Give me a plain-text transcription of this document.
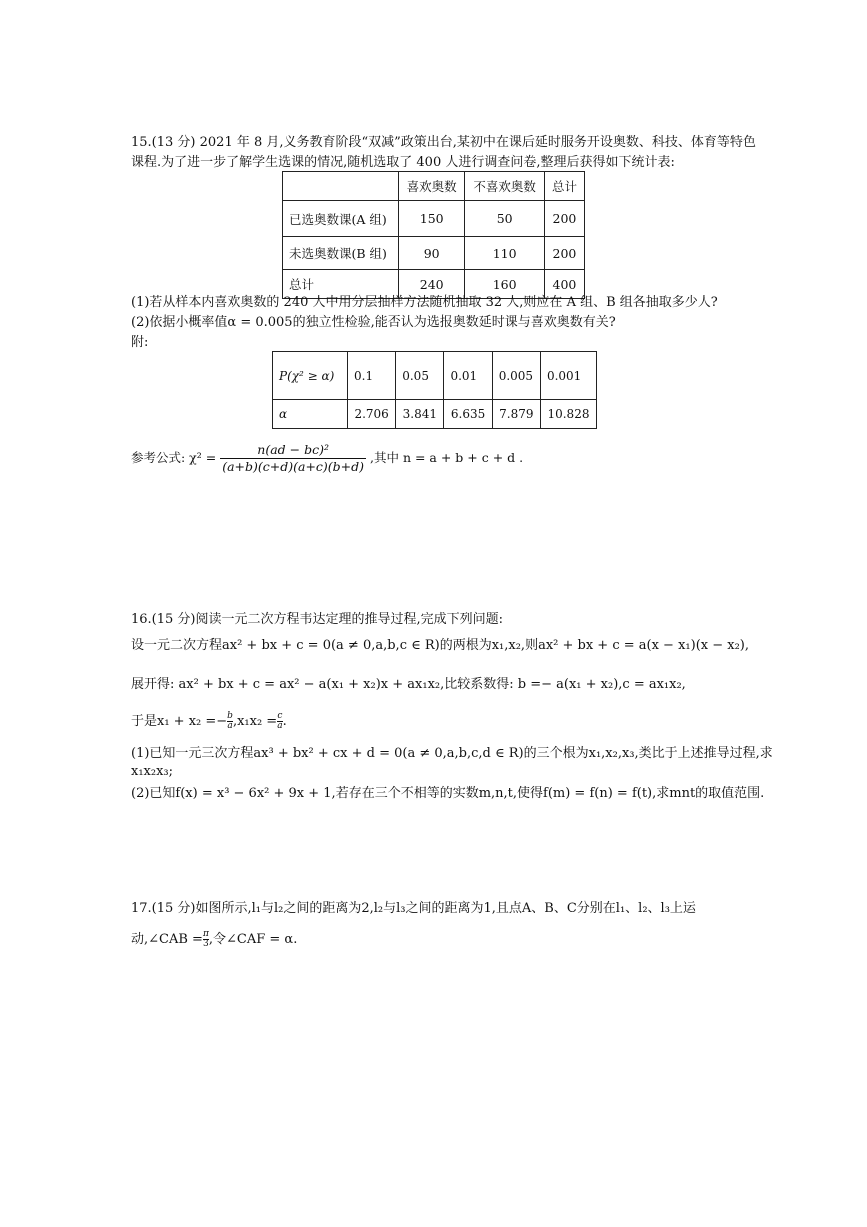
15.(13 分) 2021 年 8 月,义务教育阶段“双减”政策出台,某初中在课后延时服务开设奥数、科技、体育等特色
课程.为了进一步了解学生选课的情况,随机选取了 400 人进行调查问卷,整理后获得如下统计表:
	喜欢奥数	不喜欢奥数	总计
已选奥数课(A 组)	150	50	200
未选奥数课(B 组)	90	110	200
总计	240	160	400
(1)若从样本内喜欢奥数的 240 人中用分层抽样方法随机抽取 32 人,则应在 A 组、B 组各抽取多少人?
(2)依据小概率值α = 0.005的独立性检验,能否认为选报奥数延时课与喜欢奥数有关?
附:
P(χ² ≥ α)	0.1	0.05	0.01	0.005	0.001
α	2.706	3.841	6.635	7.879	10.828
参考公式: $\chi^2 = \frac{\text{n(ad − bc)²}}{(a+b)(c+d)(a+c)(b+d)}$ ,其中 n = a + b + c + d .
16.(15 分)阅读一元二次方程韦达定理的推导过程,完成下列问题:
设一元二次方程ax² + bx + c = 0(a ≠ 0,a,b,c ∈ R)的两根为x₁,x₂,则ax² + bx + c = a(x − x₁)(x − x₂),
展开得: ax² + bx + c = ax² − a(x₁ + x₂)x + ax₁x₂,比较系数得: b =− a(x₁ + x₂),c = ax₁x₂,
于是$x_1 + x_2 =- \frac{b}{a} ,x_1x_2 = \frac{c}{a}$ .
(1)已知一元三次方程ax³ + bx² + cx + d = 0(a ≠ 0,a,b,c,d ∈ R)的三个根为x₁,x₂,x₃,类比于上述推导过程,求
x₁x₂x₃;
(2)已知f(x) = x³ − 6x² + 9x + 1,若存在三个不相等的实数m,n,t,使得f(m) = f(n) = f(t),求mnt的取值范围.
17.(15 分)如图所示,l₁与l₂之间的距离为2,l₂与l₃之间的距离为1,且点A、B、C分别在l₁、l₂、l₃上运
动,∠CAB = $\frac{\pi}{3}$ ,令∠CAF = α.
